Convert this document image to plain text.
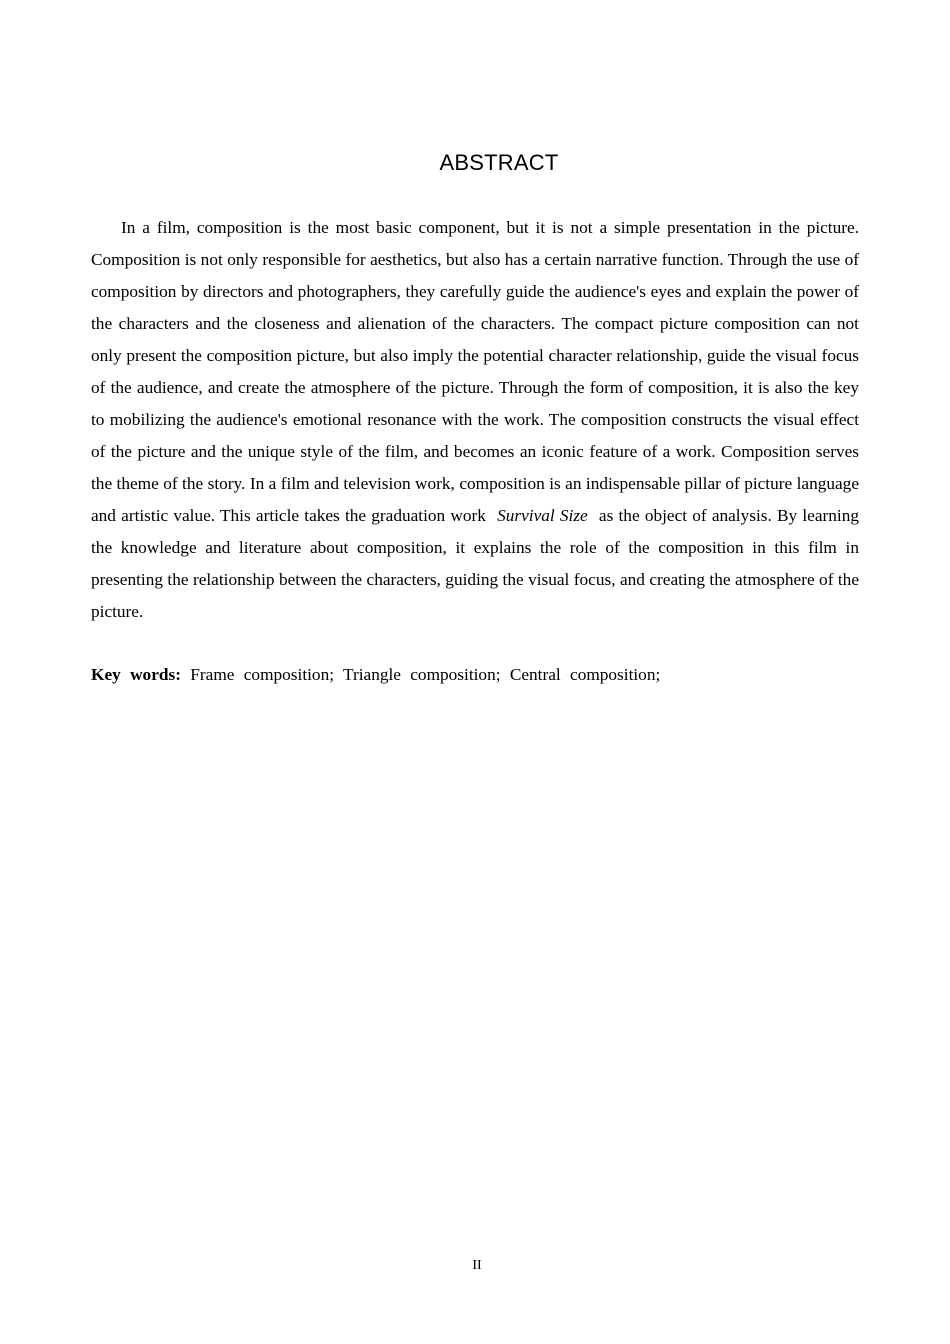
ABSTRACT

In a film, composition is the most basic component, but it is not a simple presentation in the picture. Composition is not only responsible for aesthetics, but also has a certain narrative function. Through the use of composition by directors and photographers, they carefully guide the audience's eyes and explain the power of the characters and the closeness and alienation of the characters. The compact picture composition can not only present the composition picture, but also imply the potential character relationship, guide the visual focus of the audience, and create the atmosphere of the picture. Through the form of composition, it is also the key to mobilizing the audience's emotional resonance with the work. The composition constructs the visual effect of the picture and the unique style of the film, and becomes an iconic feature of a work. Composition serves the theme of the story. In a film and television work, composition is an indispensable pillar of picture language and artistic value. This article takes the graduation work Survival Size as the object of analysis. By learning the knowledge and literature about composition, it explains the role of the composition in this film in presenting the relationship between the characters, guiding the visual focus, and creating the atmosphere of the picture.

Key words: Frame composition; Triangle composition; Central composition;

II
